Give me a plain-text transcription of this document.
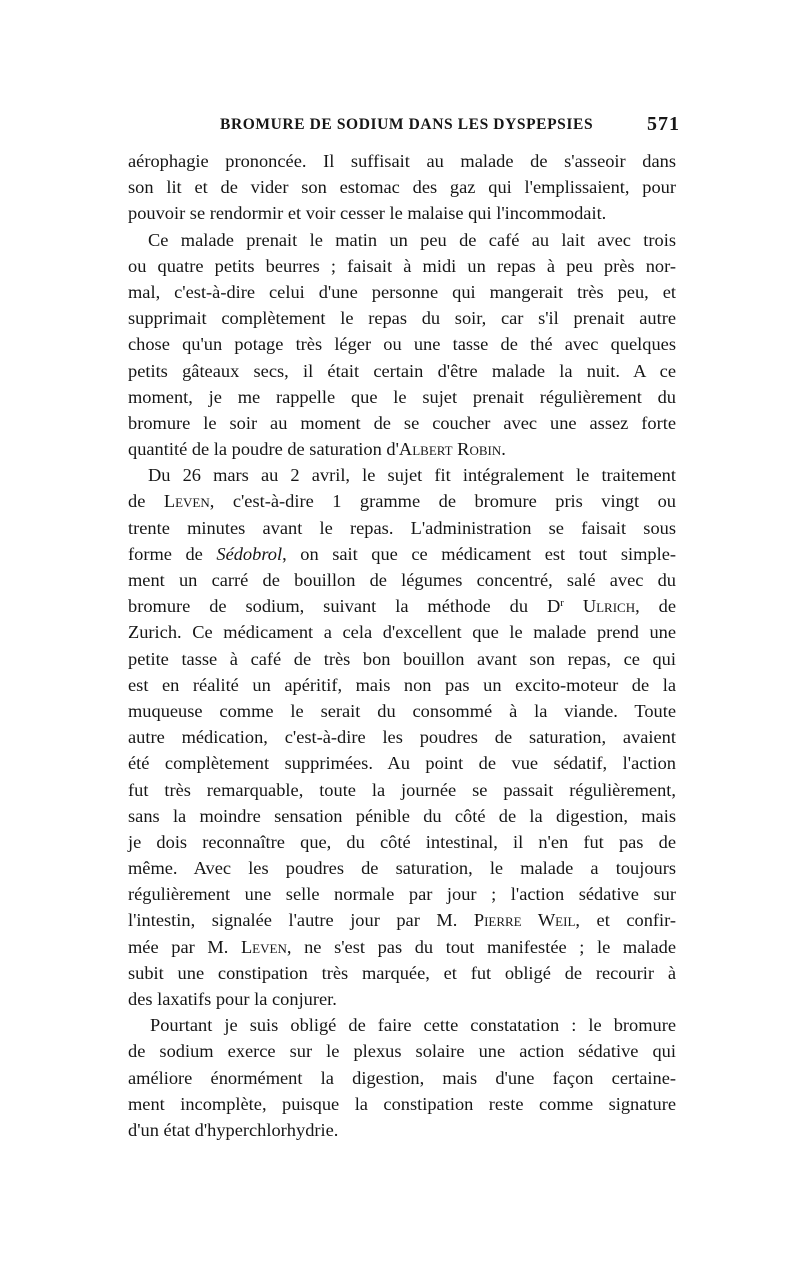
BROMURE DE SODIUM DANS LES DYSPEPSIES	571
aérophagie prononcée. Il suffisait au malade de s'asseoir dans
son lit et de vider son estomac des gaz qui l'emplissaient, pour
pouvoir se rendormir et voir cesser le malaise qui l'incommodait.
Ce malade prenait le matin un peu de café au lait avec trois
ou quatre petits beurres ; faisait à midi un repas à peu près nor-
mal, c'est-à-dire celui d'une personne qui mangerait très peu, et
supprimait complètement le repas du soir, car s'il prenait autre
chose qu'un potage très léger ou une tasse de thé avec quelques
petits gâteaux secs, il était certain d'être malade la nuit. A ce
moment, je me rappelle que le sujet prenait régulièrement du
bromure le soir au moment de se coucher avec une assez forte
quantité de la poudre de saturation d'Albert Robin.
Du 26 mars au 2 avril, le sujet fit intégralement le traitement
de Leven, c'est-à-dire 1 gramme de bromure pris vingt ou
trente minutes avant le repas. L'administration se faisait sous
forme de Sédobrol, on sait que ce médicament est tout simple-
ment un carré de bouillon de légumes concentré, salé avec du
bromure de sodium, suivant la méthode du $D^r$ Ulrich, de
Zurich. Ce médicament a cela d'excellent que le malade prend une
petite tasse à café de très bon bouillon avant son repas, ce qui
est en réalité un apéritif, mais non pas un excito-moteur de la
muqueuse comme le serait du consommé à la viande. Toute
autre médication, c'est-à-dire les poudres de saturation, avaient
été complètement supprimées. Au point de vue sédatif, l'action
fut très remarquable, toute la journée se passait régulièrement,
sans la moindre sensation pénible du côté de la digestion, mais
je dois reconnaître que, du côté intestinal, il n'en fut pas de
même. Avec les poudres de saturation, le malade a toujours
régulièrement une selle normale par jour ; l'action sédative sur
l'intestin, signalée l'autre jour par M. Pierre Weil, et confir-
mée par M. Leven, ne s'est pas du tout manifestée ; le malade
subit une constipation très marquée, et fut obligé de recourir à
des laxatifs pour la conjurer.
Pourtant je suis obligé de faire cette constatation : le bromure
de sodium exerce sur le plexus solaire une action sédative qui
améliore énormément la digestion, mais d'une façon certaine-
ment incomplète, puisque la constipation reste comme signature
d'un état d'hyperchlorhydrie.
